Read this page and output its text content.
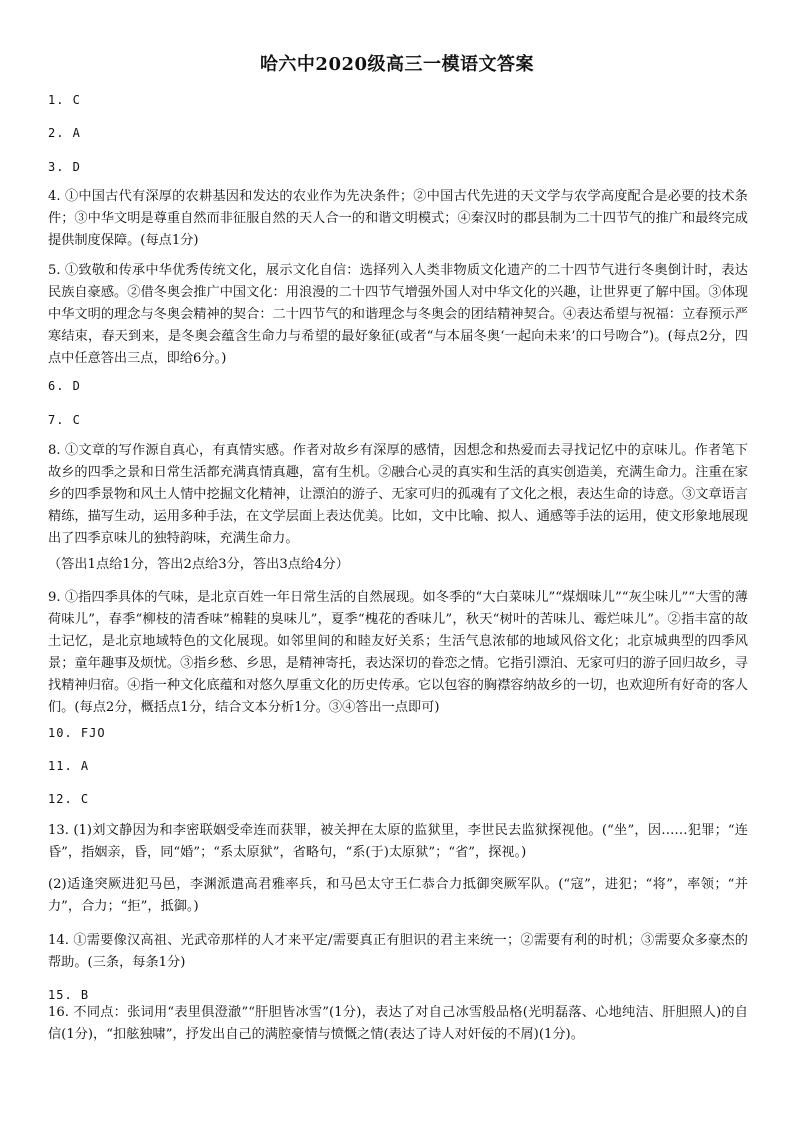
哈六中2020级高三一模语文答案
1. C
2. A
3. D
4. ①中国古代有深厚的农耕基因和发达的农业作为先决条件；②中国古代先进的天文学与农学高度配合是必要的技术条件；③中华文明是尊重自然而非征服自然的天人合一的和谐文明模式；④秦汉时的郡县制为二十四节气的推广和最终完成提供制度保障。(每点1分)
5. ①致敬和传承中华优秀传统文化，展示文化自信：选择列入人类非物质文化遗产的二十四节气进行冬奥倒计时，表达民族自豪感。②借冬奥会推广中国文化：用浪漫的二十四节气增强外国人对中华文化的兴趣，让世界更了解中国。③体现中华文明的理念与冬奥会精神的契合：二十四节气的和谐理念与冬奥会的团结精神契合。④表达希望与祝福：立春预示严寒结束，春天到来，是冬奥会蕴含生命力与希望的最好象征(或者“与本届冬奥‘一起向未来’的口号吻合”)。(每点2分，四点中任意答出三点，即给6分。)
6. D
7. C
8. ①文章的写作源自真心，有真情实感。作者对故乡有深厚的感情，因想念和热爱而去寻找记忆中的京味儿。作者笔下故乡的四季之景和日常生活都充满真情真趣，富有生机。②融合心灵的真实和生活的真实创造美，充满生命力。注重在家乡的四季景物和风土人情中挖掘文化精神，让漂泊的游子、无家可归的孤魂有了文化之根，表达生命的诗意。③文章语言精练，描写生动，运用多种手法，在文学层面上表达优美。比如，文中比喻、拟人、通感等手法的运用，使文形象地展现出了四季京味儿的独特韵味，充满生命力。
（答出1点给1分，答出2点给3分，答出3点给4分）
9. ①指四季具体的气味，是北京百姓一年日常生活的自然展现。如冬季的“大白菜味儿”“煤烟味儿”“灰尘味儿”“大雪的薄荷味儿”，春季“柳枝的清香味”棉鞋的臭味儿”，夏季“槐花的香味儿”，秋天“树叶的苦味儿、霉烂味儿”。②指丰富的故土记忆，是北京地域特色的文化展现。如邻里间的和睦友好关系；生活气息浓郁的地域风俗文化；北京城典型的四季风景；童年趣事及烦忧。③指乡愁、乡思，是精神寄托，表达深切的眷恋之情。它指引漂泊、无家可归的游子回归故乡，寻找精神归宿。④指一种文化底蕴和对悠久厚重文化的历史传承。它以包容的胸襟容纳故乡的一切，也欢迎所有好奇的客人们。(每点2分，概括点1分，结合文本分析1分。③④答出一点即可)
10. FJO
11. A
12. C
13. (1)刘文静因为和李密联姻受牵连而获罪，被关押在太原的监狱里，李世民去监狱探视他。(“坐”，因……犯罪；“连昏”，指姻亲，昏，同“婚”；“系太原狱”，省略句，“系(于)太原狱”；“省”，探视。)
(2)适逢突厥进犯马邑，李渊派遣高君雅率兵，和马邑太守王仁恭合力抵御突厥军队。(“寇”，进犯；“将”，率领；“并力”，合力；“拒”，抵御。)
14. ①需要像汉高祖、光武帝那样的人才来平定/需要真正有胆识的君主来统一；②需要有利的时机；③需要众多豪杰的帮助。(三条，每条1分)
15. B
16. 不同点：张词用“表里俱澄澈”“肝胆皆冰雪”(1分)，表达了对自己冰雪般品格(光明磊落、心地纯洁、肝胆照人)的自信(1分)，“扣舷独啸”，抒发出自己的满腔豪情与愤慨之情(表达了诗人对奸佞的不屑)(1分)。
